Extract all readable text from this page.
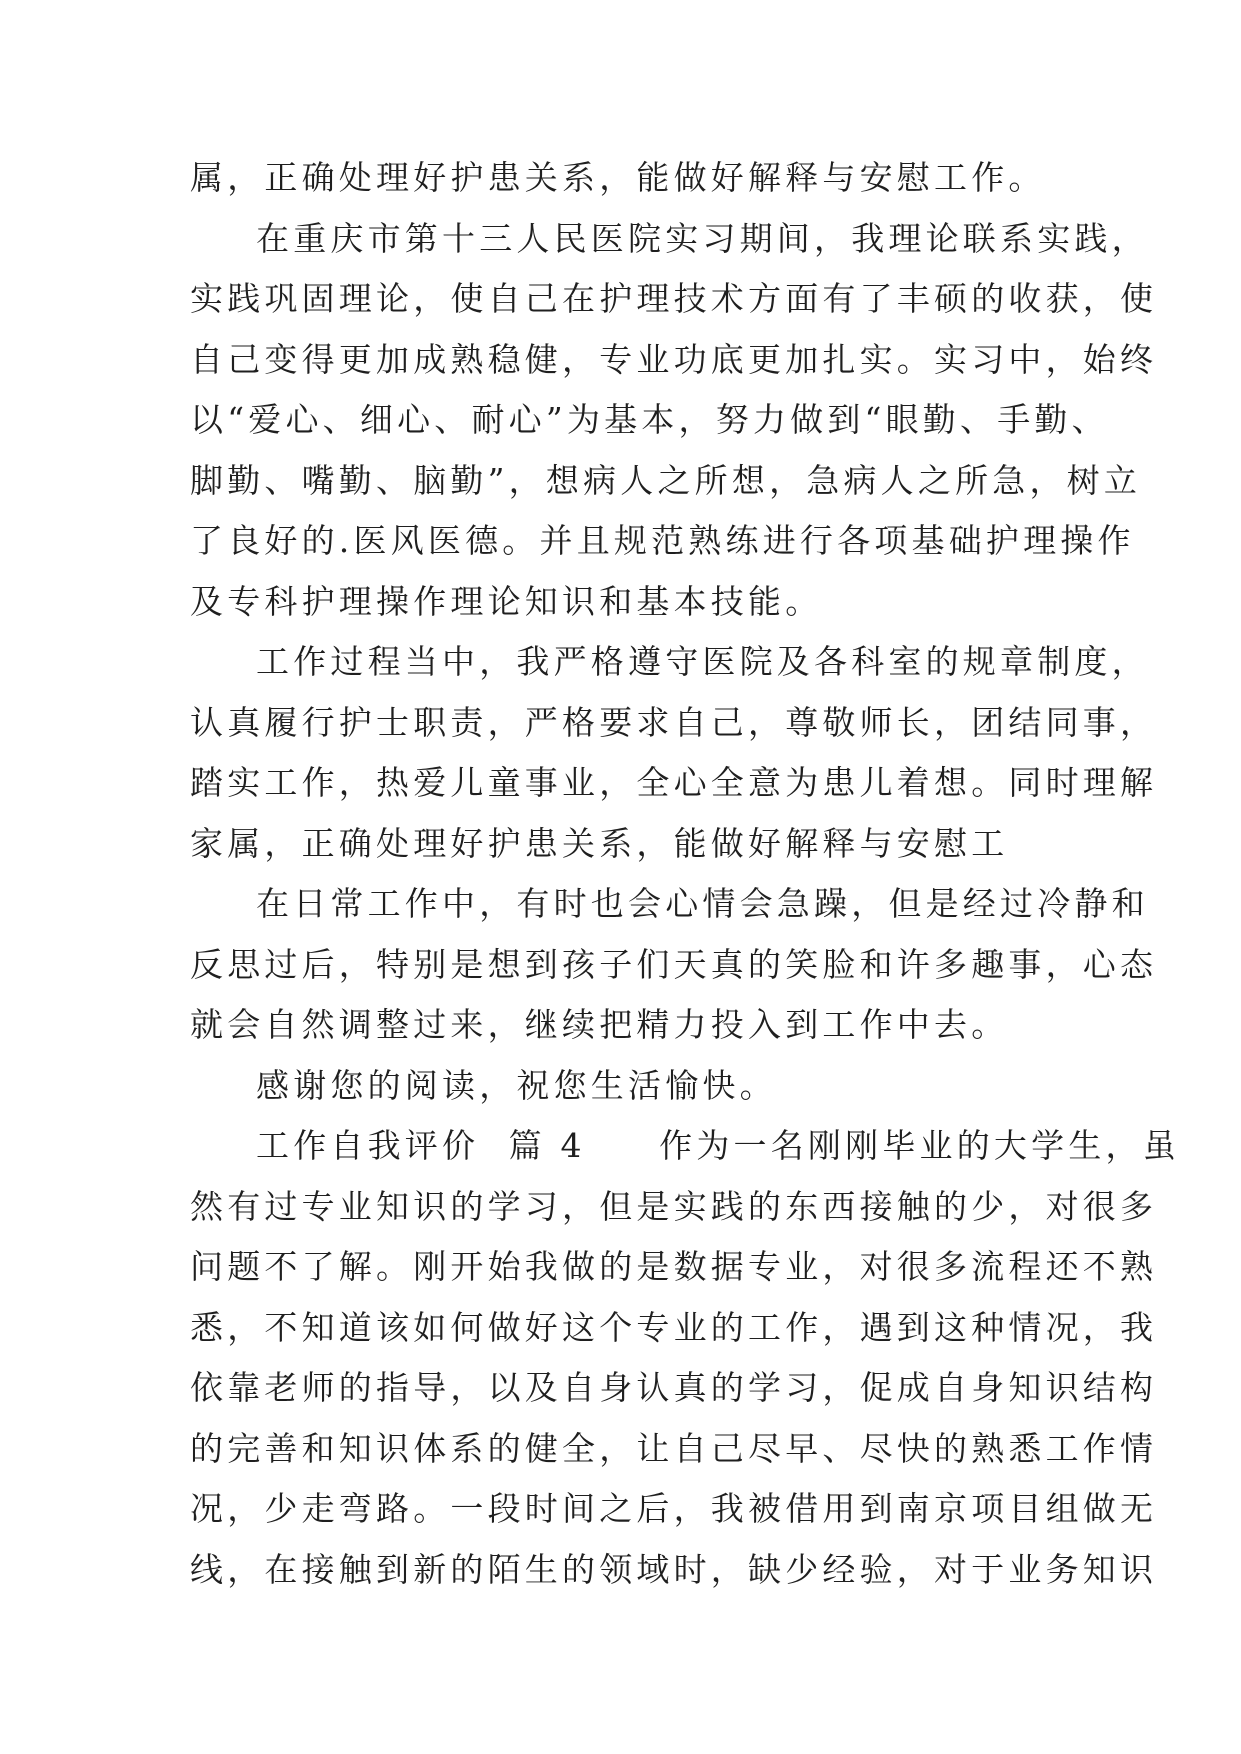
属，正确处理好护患关系，能做好解释与安慰工作。
在重庆市第十三人民医院实习期间，我理论联系实践，
实践巩固理论，使自己在护理技术方面有了丰硕的收获，使
自己变得更加成熟稳健，专业功底更加扎实。实习中，始终
以“爱心、细心、耐心”为基本，努力做到“眼勤、手勤、
脚勤、嘴勤、脑勤”，想病人之所想，急病人之所急，树立
了良好的.医风医德。并且规范熟练进行各项基础护理操作
及专科护理操作理论知识和基本技能。
工作过程当中，我严格遵守医院及各科室的规章制度，
认真履行护士职责，严格要求自己，尊敬师长，团结同事，
踏实工作，热爱儿童事业，全心全意为患儿着想。同时理解
家属，正确处理好护患关系，能做好解释与安慰工
在日常工作中，有时也会心情会急躁，但是经过冷静和
反思过后，特别是想到孩子们天真的笑脸和许多趣事，心态
就会自然调整过来，继续把精力投入到工作中去。
感谢您的阅读，祝您生活愉快。
工作自我评价  篇 4     作为一名刚刚毕业的大学生，虽
然有过专业知识的学习，但是实践的东西接触的少，对很多
问题不了解。刚开始我做的是数据专业，对很多流程还不熟
悉，不知道该如何做好这个专业的工作，遇到这种情况，我
依靠老师的指导，以及自身认真的学习，促成自身知识结构
的完善和知识体系的健全，让自己尽早、尽快的熟悉工作情
况，少走弯路。一段时间之后，我被借用到南京项目组做无
线，在接触到新的陌生的领域时，缺少经验，对于业务知识
